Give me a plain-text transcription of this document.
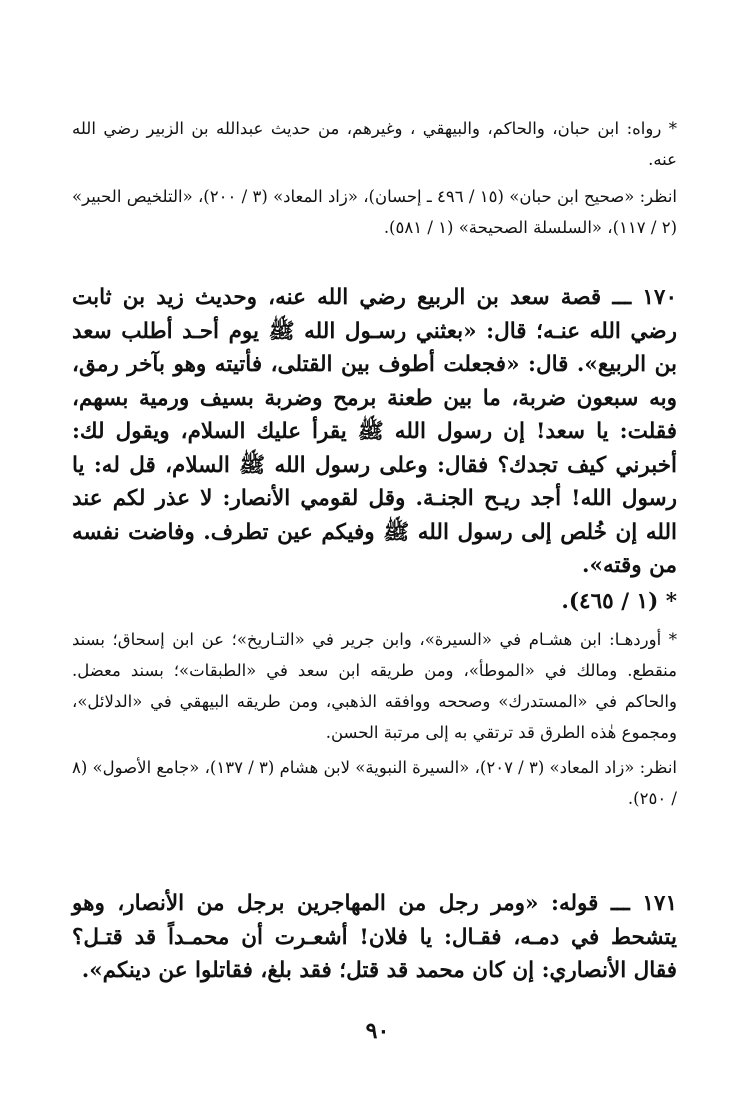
* رواه: ابن حبان، والحاكم، والبيهقي ، وغيرهم، من حديث عبدالله بن الزبير رضي الله عنه.

انظر: «صحيح ابن حبان» (١٥ / ٤٩٦ ـ إحسان)، «زاد المعاد» (٣ / ٢٠٠)، «التلخيص الحبير» (٢ / ١١٧)، «السلسلة الصحيحة» (١ / ٥٨١).

١٧٠ ـــ قصة سعد بن الربيع رضي الله عنه، وحديث زيد بن ثابت رضي الله عنـه؛ قال: «بعثني رسـول الله ﷺ يوم أحـد أطلب سعد بن الربيع». قال: «فجعلت أطوف بين القتلى، فأتيته وهو بآخر رمق، وبه سبعون ضربة، ما بين طعنة برمح وضربة بسيف ورمية بسهم، فقلت: يا سعد! إن رسول الله ﷺ يقرأ عليك السلام، ويقول لك: أخبرني كيف تجدك؟ فقال: وعلى رسول الله ﷺ السلام، قل له: يا رسول الله! أجد ريـح الجنـة. وقل لقومي الأنصار: لا عذر لكم عند الله إن خُلص إلى رسول الله ﷺ وفيكم عين تطرف. وفاضت نفسه من وقته».

* (١ / ٤٦٥).

* أوردهـا: ابن هشـام في «السيرة»، وابن جرير في «التـاريخ»؛ عن ابن إسحاق؛ بسند منقطع. ومالك في «الموطأ»، ومن طريقه ابن سعد في «الطبقات»؛ بسند معضل. والحاكم في «المستدرك» وصححه ووافقه الذهبي، ومن طريقه البيهقي في «الدلائل»، ومجموع هٰذه الطرق قد ترتقي به إلى مرتبة الحسن.

انظر: «زاد المعاد» (٣ / ٢٠٧)، «السيرة النبوية» لابن هشام (٣ / ١٣٧)، «جامع الأصول» (٨ / ٢٥٠).

١٧١ ـــ قوله: «ومر رجل من المهاجرين برجل من الأنصار، وهو يتشحط في دمـه، فقـال: يا فلان! أشعـرت أن محمـداً قد قتـل؟ فقال الأنصاري: إن كان محمد قد قتل؛ فقد بلغ، فقاتلوا عن دينكم».

٩٠
